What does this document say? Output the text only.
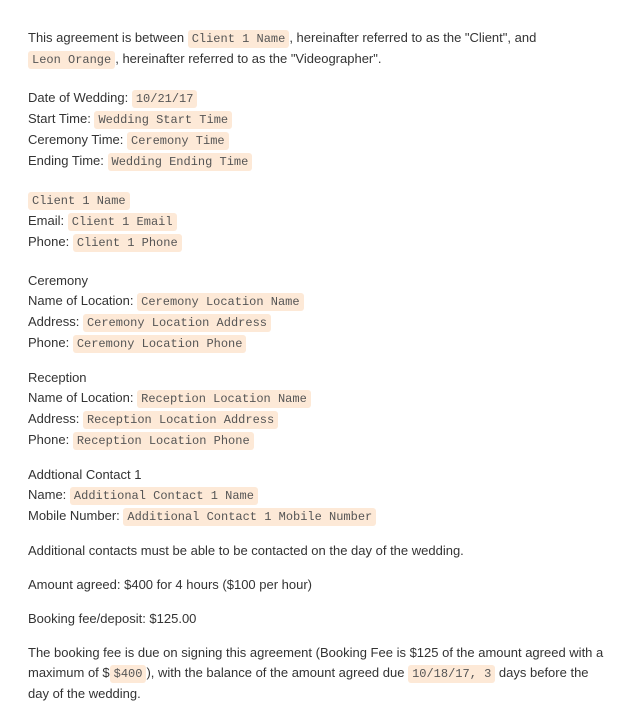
This agreement is between Client 1 Name , hereinafter referred to as the "Client", and
Leon Orange , hereinafter referred to as the "Videographer".

Date of Wedding: 10/21/17

Start Time: Wedding Start Time

Ceremony Time: Ceremony Time

Ending Time: Wedding Ending Time

Client 1 Name

Email: Client 1 Email

Phone: Client 1 Phone

Ceremony

Name of Location: Ceremony Location Name

Address: Ceremony Location Address

Phone: Ceremony Location Phone

Reception

Name of Location: Reception Location Name

Address: Reception Location Address

Phone: Reception Location Phone

Addtional Contact 1

Name: Additional Contact 1 Name

Mobile Number: Additional Contact 1 Mobile Number

Additional contacts must be able to be contacted on the day of the wedding.

Amount agreed: $400 for 4 hours ($100 per hour)

Booking fee/deposit: $125.00

The booking fee is due on signing this agreement (Booking Fee is $125 of the amount agreed with a maximum of $ $400 ), with the balance of the amount agreed due 10/18/17, 3 days before the day of the wedding.
